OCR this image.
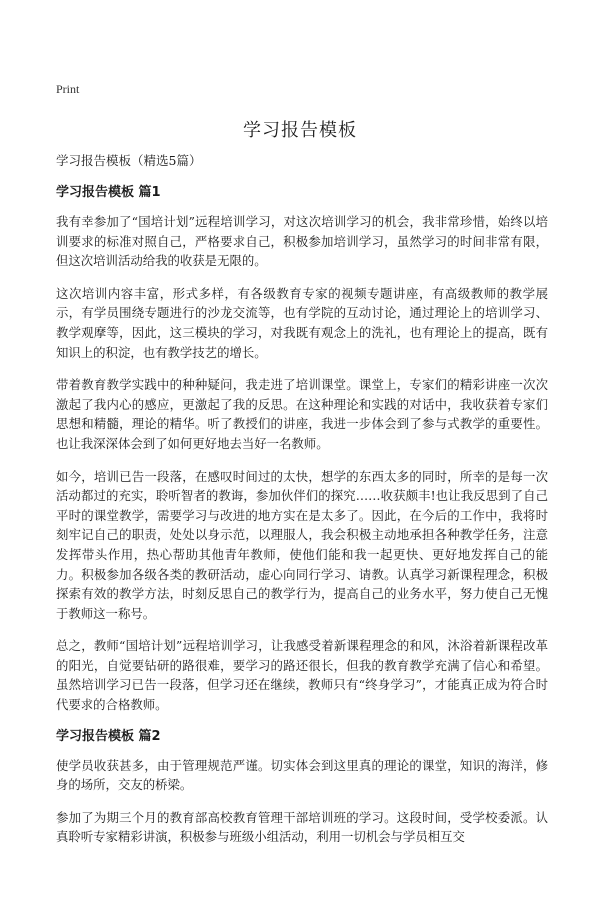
Print
学习报告模板
学习报告模板（精选5篇）
学习报告模板 篇1

我有幸参加了“国培计划”远程培训学习，对这次培训学习的机会，我非常珍惜，始终以培训要求的标准对照自己，严格要求自己，积极参加培训学习，虽然学习的时间非常有限，但这次培训活动给我的收获是无限的。

这次培训内容丰富，形式多样，有各级教育专家的视频专题讲座，有高级教师的教学展示，有学员围绕专题进行的沙龙交流等，也有学院的互动讨论，通过理论上的培训学习、教学观摩等，因此，这三模块的学习，对我既有观念上的洗礼，也有理论上的提高，既有知识上的积淀，也有教学技艺的增长。

带着教育教学实践中的种种疑问，我走进了培训课堂。课堂上，专家们的精彩讲座一次次激起了我内心的感应，更激起了我的反思。在这种理论和实践的对话中，我收获着专家们思想和精髓，理论的精华。听了教授们的讲座，我进一步体会到了参与式教学的重要性。也让我深深体会到了如何更好地去当好一名教师。

如今，培训已告一段落，在感叹时间过的太快，想学的东西太多的同时，所幸的是每一次活动都过的充实，聆听智者的教诲，参加伙伴们的探究……收获颇丰!也让我反思到了自己平时的课堂教学，需要学习与改进的地方实在是太多了。因此，在今后的工作中，我将时刻牢记自己的职责，处处以身示范，以理服人，我会积极主动地承担各种教学任务，注意发挥带头作用，热心帮助其他青年教师，使他们能和我一起更快、更好地发挥自己的能力。积极参加各级各类的教研活动，虚心向同行学习、请教。认真学习新课程理念，积极探索有效的教学方法，时刻反思自己的教学行为，提高自己的业务水平，努力使自己无愧于教师这一称号。

总之，教师“国培计划”远程培训学习，让我感受着新课程理念的和风，沐浴着新课程改革的阳光，自觉要钻研的路很难，要学习的路还很长，但我的教育教学充满了信心和希望。虽然培训学习已告一段落，但学习还在继续，教师只有“终身学习”，才能真正成为符合时代要求的合格教师。

学习报告模板 篇2

使学员收获甚多，由于管理规范严谨。切实体会到这里真的理论的课堂，知识的海洋，修身的场所，交友的桥梁。

参加了为期三个月的教育部高校教育管理干部培训班的学习。这段时间，受学校委派。认真聆听专家精彩讲演，积极参与班级小组活动，利用一切机会与学员相互交
